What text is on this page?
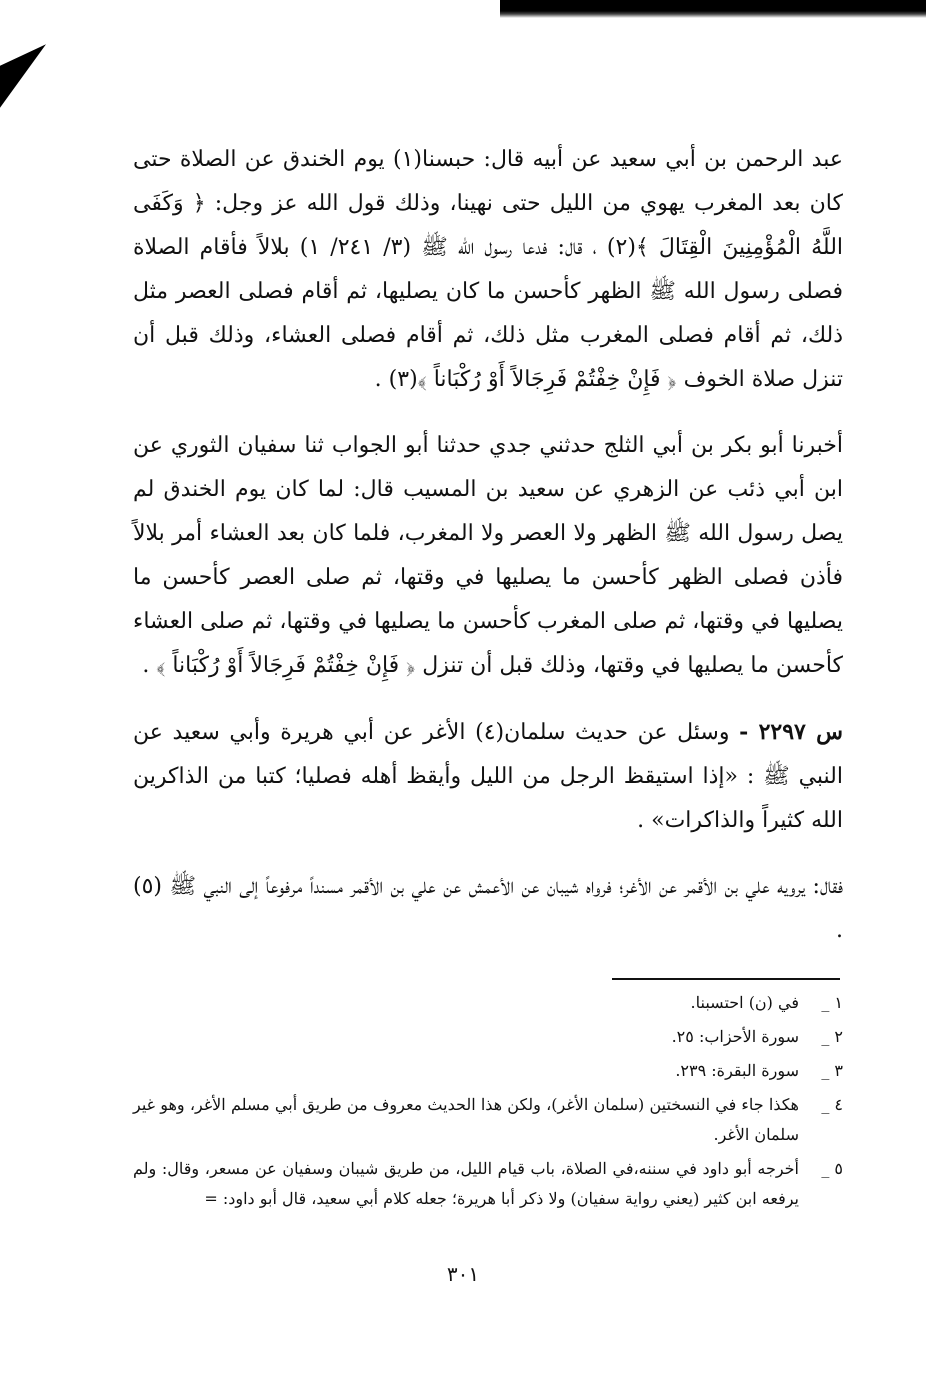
عبد الرحمن بن أبي سعيد عن أبيه قال: حبسنا(١) يوم الخندق عن الصلاة حتى كان بعد المغرب يهوي من الليل حتى نهينا، وذلك قول الله عز وجل: ﴿ وَكَفَى اللَّهُ الْمُؤْمِنِينَ الْقِتَالَ ﴾(٢) ، قال: فدعا رسول الله ﷺ (٣/ ٢٤١/ ١) بلالاً فأقام الصلاة فصلى رسول الله ﷺ الظهر كأحسن ما كان يصليها، ثم أقام فصلى العصر مثل ذلك، ثم أقام فصلى المغرب مثل ذلك، ثم أقام فصلى العشاء، وذلك قبل أن تنزل صلاة الخوف ﴿ فَإِنْ خِفْتُمْ فَرِجَالاً أَوْ رُكْبَاناً ﴾(٣) .

أخبرنا أبو بكر بن أبي الثلج حدثني جدي حدثنا أبو الجواب ثنا سفيان الثوري عن ابن أبي ذئب عن الزهري عن سعيد بن المسيب قال: لما كان يوم الخندق لم يصل رسول الله ﷺ الظهر ولا العصر ولا المغرب، فلما كان بعد العشاء أمر بلالاً فأذن فصلى الظهر كأحسن ما يصليها في وقتها، ثم صلى العصر كأحسن ما يصليها في وقتها، ثم صلى المغرب كأحسن ما يصليها في وقتها، ثم صلى العشاء كأحسن ما يصليها في وقتها، وذلك قبل أن تنزل ﴿ فَإِنْ خِفْتُمْ فَرِجَالاً أَوْ رُكْبَاناً ﴾ .

س ٢٢٩٧ - وسئل عن حديث سلمان(٤) الأغر عن أبي هريرة وأبي سعيد عن النبي ﷺ : «إذا استيقظ الرجل من الليل وأيقظ أهله فصليا؛ كتبا من الذاكرين الله كثيراً والذاكرات» .

فقال: يرويه علي بن الأقمر عن الأغر؛ فرواه شيبان عن الأعمش عن علي بن الأقمر مسنداً مرفوعاً إلى النبي ﷺ (٥) .

١ _
في (ن) احتسبنا.
٢ _
سورة الأحزاب: ٢٥.
٣ _
سورة البقرة: ٢٣٩.
٤ _
هكذا جاء في النسختين (سلمان الأغر)، ولكن هذا الحديث معروف من طريق أبي مسلم الأغر، وهو غير سلمان الأغر.
٥ _
أخرجه أبو داود في سننه،في الصلاة، باب قيام الليل، من طريق شيبان وسفيان عن مسعر، وقال: ولم يرفعه ابن كثير (يعني رواية سفيان) ولا ذكر أبا هريرة؛ جعله كلام أبي سعيد، قال أبو داود: =
٣٠١
